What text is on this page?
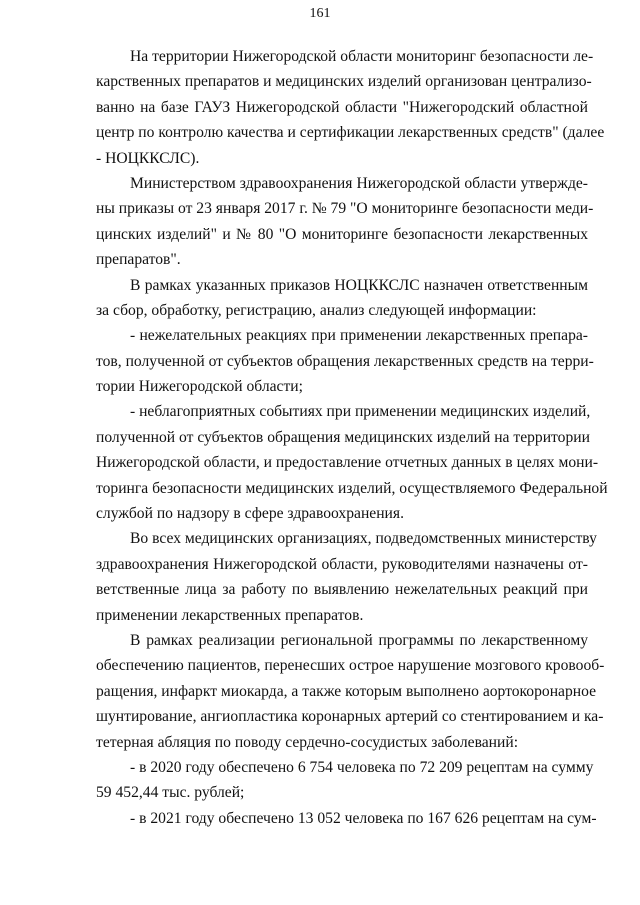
161
На территории Нижегородской области мониторинг безопасности ле-
карственных препаратов и медицинских изделий организован централизо-
ванно на базе ГАУЗ Нижегородской области "Нижегородский областной
центр по контролю качества и сертификации лекарственных средств" (далее
- НОЦККСЛС).
Министерством здравоохранения Нижегородской области утвержде-
ны приказы от 23 января 2017 г. № 79 "О мониторинге безопасности меди-
цинских изделий" и № 80 "О мониторинге безопасности лекарственных
препаратов".
В рамках указанных приказов НОЦККСЛС назначен ответственным
за сбор, обработку, регистрацию, анализ следующей информации:
- нежелательных реакциях при применении лекарственных препара-
тов, полученной от субъектов обращения лекарственных средств на терри-
тории Нижегородской области;
- неблагоприятных событиях при применении медицинских изделий,
полученной от субъектов обращения медицинских изделий на территории
Нижегородской области, и предоставление отчетных данных в целях мони-
торинга безопасности медицинских изделий, осуществляемого Федеральной
службой по надзору в сфере здравоохранения.
Во всех медицинских организациях, подведомственных министерству
здравоохранения Нижегородской области, руководителями назначены от-
ветственные лица за работу по выявлению нежелательных реакций при
применении лекарственных препаратов.
В рамках реализации региональной программы по лекарственному
обеспечению пациентов, перенесших острое нарушение мозгового кровооб-
ращения, инфаркт миокарда, а также которым выполнено аортокоронарное
шунтирование, ангиопластика коронарных артерий со стентированием и ка-
тетерная абляция по поводу сердечно-сосудистых заболеваний:
- в 2020 году обеспечено 6 754 человека по 72 209 рецептам на сумму
59 452,44 тыс. рублей;
- в 2021 году обеспечено 13 052 человека по 167 626 рецептам на сум-
